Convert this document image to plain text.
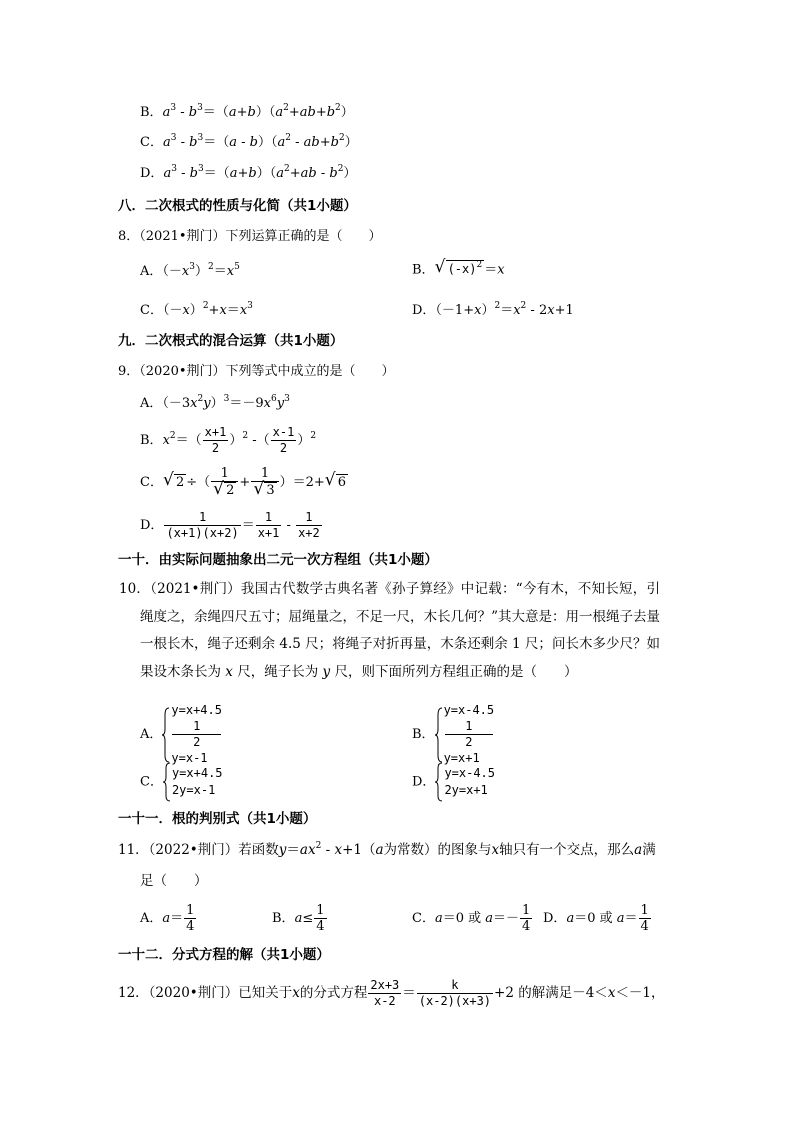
B．$a^3 - b^3=(a+b)(a^2+ab+b^2)$
C．$a^3 - b^3=(a - b)(a^2 - ab+b^2)$
D．$a^3 - b^3=(a+b)(a^2+ab - b^2)$
八．二次根式的性质与化简（共1小题）
8．（2021•荆门）下列运算正确的是（　　）
A．$(-x^3)^2=x^5$	B． √ $(-x)^2 =x$
C．$(-x)^2+x=x^3$	D．$(-1+x)^2=x^2 - 2x+1$
九．二次根式的混合运算（共1小题）
9．（2020•荆门）下列等式中成立的是（　　）
A．$(-3x^2y)^3=-9x^6y^3$
B．$x^2=( \frac{x+1}{2} )^2$ -（ $\frac{x-1}{2} )^2$
C． √ 2 ÷（ $\frac{1}{√ 2} + \frac{1}{√ 3} )=2+$ √ 6
D． $\frac{1}{(x+1)(x+2)} = \frac{1}{x+1} - \frac{1}{x+2}$
一十．由实际问题抽象出二元一次方程组（共1小题）
10．（2021•荆门）我国古代数学古典名著《孙子算经》中记载：“今有木，不知长短，引绳度之，余绳四尺五寸；屈绳量之，不足一尺，木长几何？”其大意是：用一根绳子去量一根长木，绳子还剩余 4.5 尺；将绳子对折再量，木条还剩余 1 尺；问长木多少尺？如果设木条长为 x 尺，绳子长为 y 尺，则下面所列方程组正确的是（　　）
A．
y=x+4.5
1
2
y=x-1
B．
y=x-4.5
1
2
y=x+1
C．
y=x+4.5
2y=x-1
D．
y=x-4.5
2y=x+1
一十一．根的判别式（共1小题）
11．（2022•荆门）若函数$y=ax^2 - x+1(a$为常数）的图象与x轴只有一个交点，那么a满
足（　　）
A．$a= \frac{1}{4}$	B．$a\le \frac{1}{4}$	C．a＝0 或 $a=- \frac{1}{4}$ D．a＝0 或 $a= \frac{1}{4}$
一十二．分式方程的解（共1小题）
12．（2020•荆门）已知关于x的分式方程 $\frac{2x+3}{x-2} = \frac{k}{(x-2)(x+3)} +2$ 的解满足－4＜x＜－1，
